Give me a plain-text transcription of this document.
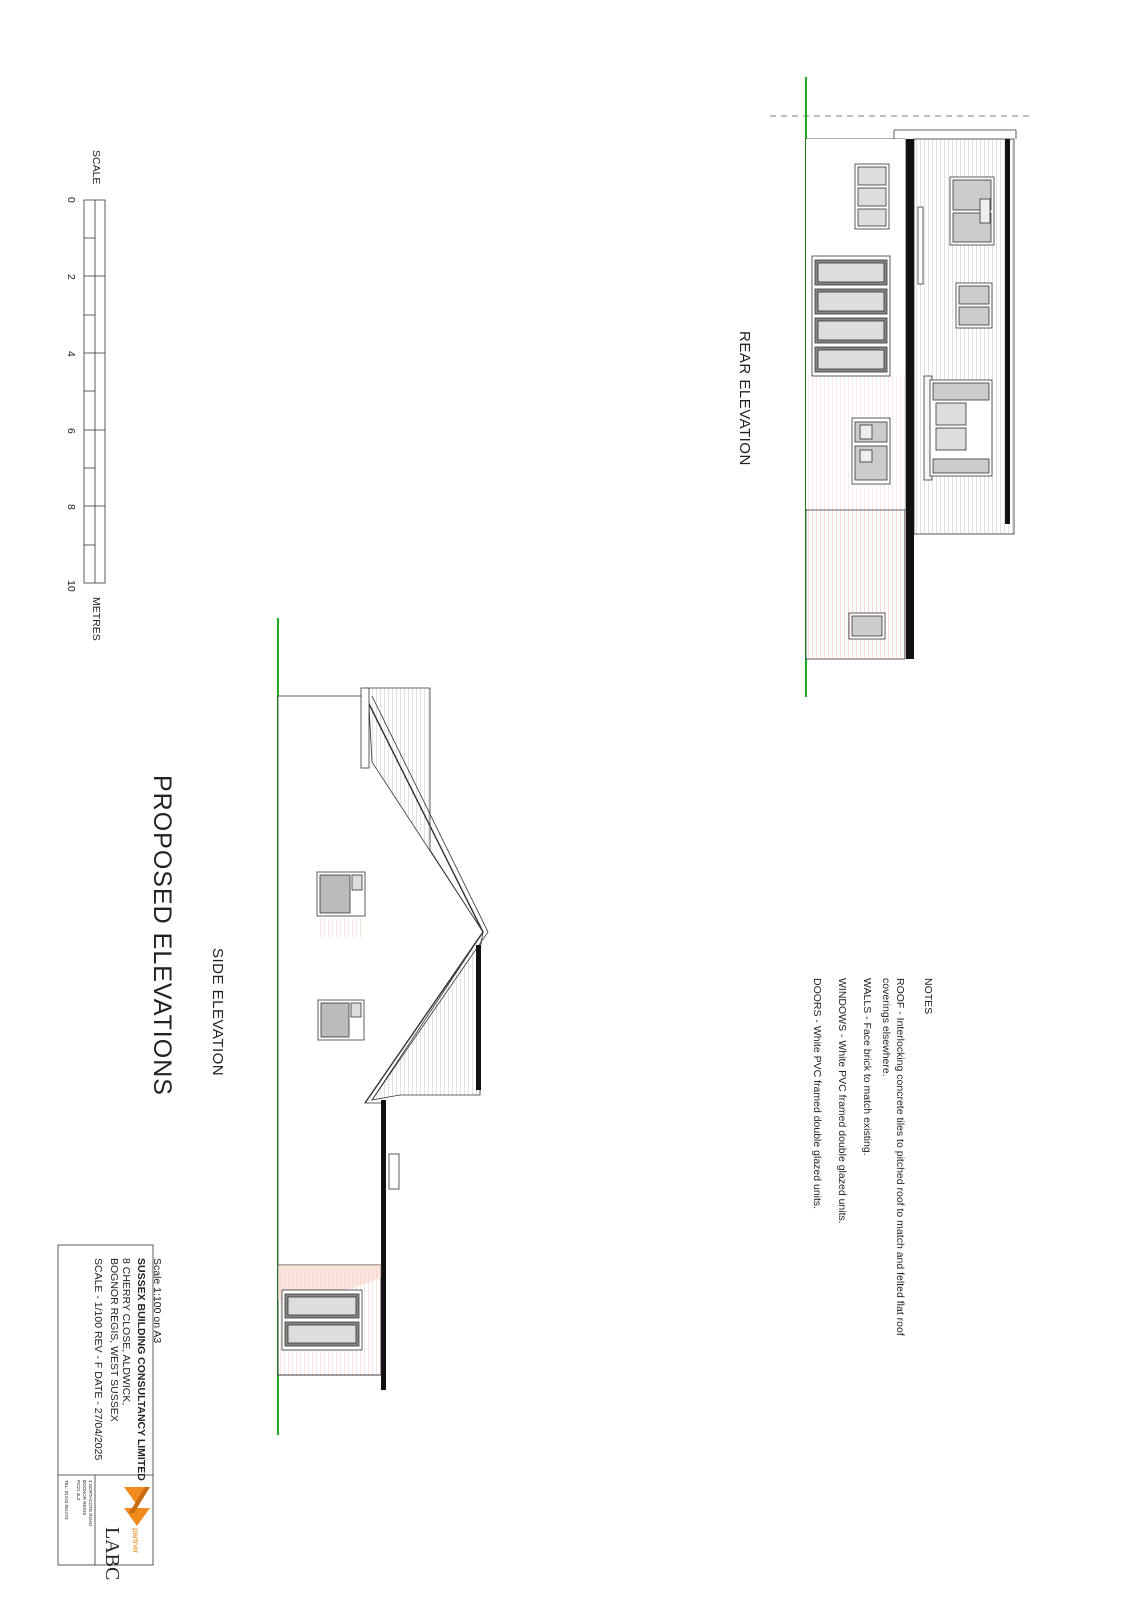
REAR ELEVATION
SIDE ELEVATION
PROPOSED ELEVATIONS
SCALE
METRES
0
2
4
6
8
10
NOTES
ROOF - Interlocking concrete tiles to pitched roof to match and felted flat roof
coverings elsewhere.
WALLS - Face brick to match existing.
WINDOWS - White PVC framed double glazed units.
DOORS - White PVC framed double glazed units.
Scale 1:100 on A3
SUSSEX BUILDING CONSULTANCY LIMITED
8 CHERRY CLOSE, ALDWICK,
BOGNOR REGIS, WEST SUSSEX
SCALE - 1/100 REV - F DATE - 27/04/2025
LABC partner
3 NORTHCOTE ROAD
BOGNOR REGIS
PO21 4LZ
TEL: 01243 861279
